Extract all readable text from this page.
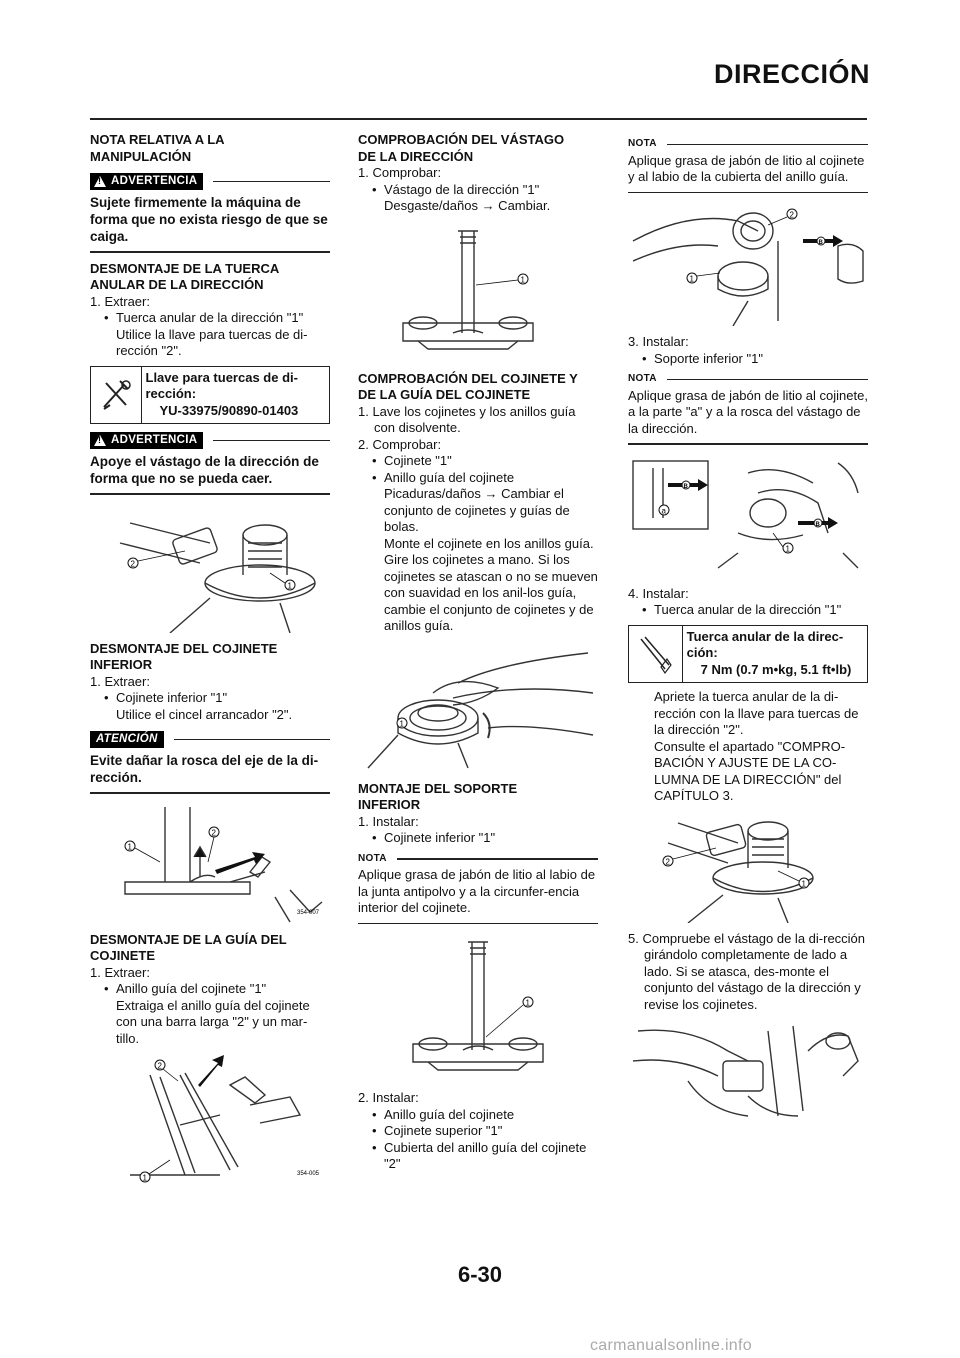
DIRECCIÓN

NOTA RELATIVA A LA MANIPULACIÓN

!
ADVERTENCIA

Sujete firmemente la máquina de forma que no exista riesgo de que se caiga.

DESMONTAJE DE LA TUERCA ANULAR DE LA DIRECCIÓN

1. Extraer:

• Tuerca anular de la dirección "1"

Utilice la llave para tuercas de di-rección "2".

Llave para tuercas de di-rección:
YU-33975/90890-01403
!
ADVERTENCIA

Apoye el vástago de la dirección de forma que no se pueda caer.

2
1

DESMONTAJE DEL COJINETE INFERIOR

1. Extraer:

• Cojinete inferior "1"

Utilice el cincel arrancador "2".

ATENCIÓN

Evite dañar la rosca del eje de la di-rección.

1
2
354-007

DESMONTAJE DE LA GUÍA DEL COJINETE

1. Extraer:

• Anillo guía del cojinete "1"

Extraiga el anillo guía del cojinete con una barra larga "2" y un mar-tillo.

2
1	354-005

COMPROBACIÓN DEL VÁSTAGO DE LA DIRECCIÓN

1. Comprobar:

• Vástago de la dirección "1"

Desgaste/daños → Cambiar.

1

COMPROBACIÓN DEL COJINETE Y DE LA GUÍA DEL COJINETE

1. Lave los cojinetes y los anillos guía con disolvente.

2. Comprobar:

• Cojinete "1"

• Anillo guía del cojinete

Picaduras/daños → Cambiar el conjunto de cojinetes y guías de bolas.

Monte el cojinete en los anillos guía. Gire los cojinetes a mano. Si los cojinetes se atascan o no se mueven con suavidad en los anil-los guía, cambie el conjunto de cojinetes y de anillos guía.

1

MONTAJE DEL SOPORTE INFERIOR

1. Instalar:

• Cojinete inferior "1"

NOTA

Aplique grasa de jabón de litio al labio de la junta antipolvo y a la circunfer-encia interior del cojinete.

1

2. Instalar:

• Anillo guía del cojinete

• Cojinete superior "1"

• Cubierta del anillo guía del cojinete "2"

NOTA

Aplique grasa de jabón de litio al cojinete y al labio de la cubierta del anillo guía.

B
2
1

3. Instalar:

• Soporte inferior "1"

NOTA

Aplique grasa de jabón de litio al cojinete, a la parte "a" y a la rosca del vástago de la dirección.

B
B
a
1

4. Instalar:

• Tuerca anular de la dirección "1"

Tuerca anular de la direc-ción:
7 Nm (0.7 m•kg, 5.1 ft•lb)

Apriete la tuerca anular de la di-rección con la llave para tuercas de la dirección "2".

Consulte el apartado "COMPRO-BACIÓN Y AJUSTE DE LA CO-LUMNA DE LA DIRECCIÓN" del CAPÍTULO 3.

2
1

5. Compruebe el vástago de la di-rección girándolo completamente de lado a lado. Si se atasca, des-monte el conjunto del vástago de la dirección y revise los cojinetes.

6-30
carmanualsonline.info
